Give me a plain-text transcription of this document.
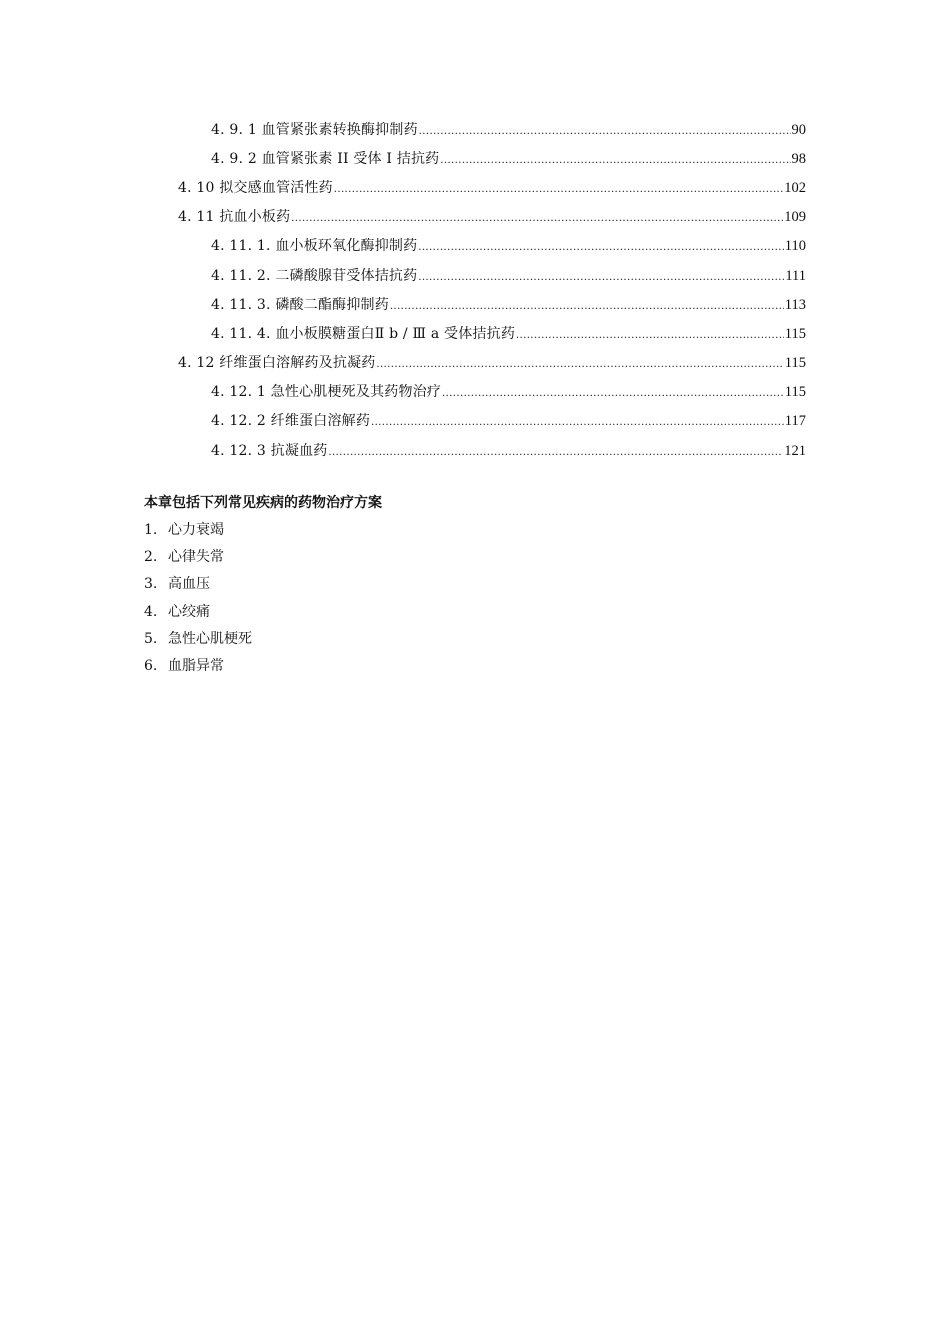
4. 9. 1 血管紧张素转换酶抑制药 .....	90
4. 9. 2 血管紧张素 II 受体 I 拮抗药 .....	98
4. 10 拟交感血管活性药 .....	102
4. 11 抗血小板药 .....	109
4. 11. 1. 血小板环氧化酶抑制药 .....	110
4. 11. 2. 二磷酸腺苷受体拮抗药 .....	111
4. 11. 3. 磷酸二酯酶抑制药 .....	113
4. 11. 4. 血小板膜糖蛋白Ⅱ b / Ⅲ a 受体拮抗药 .....	115
4. 12 纤维蛋白溶解药及抗凝药 .....	115
4. 12. 1 急性心肌梗死及其药物治疗 .....	115
4. 12. 2 纤维蛋白溶解药 .....	117
4. 12. 3 抗凝血药 .....	121
本章包括下列常见疾病的药物治疗方案
1. 心力衰竭
2. 心律失常
3. 高血压
4. 心绞痛
5. 急性心肌梗死
6. 血脂异常
